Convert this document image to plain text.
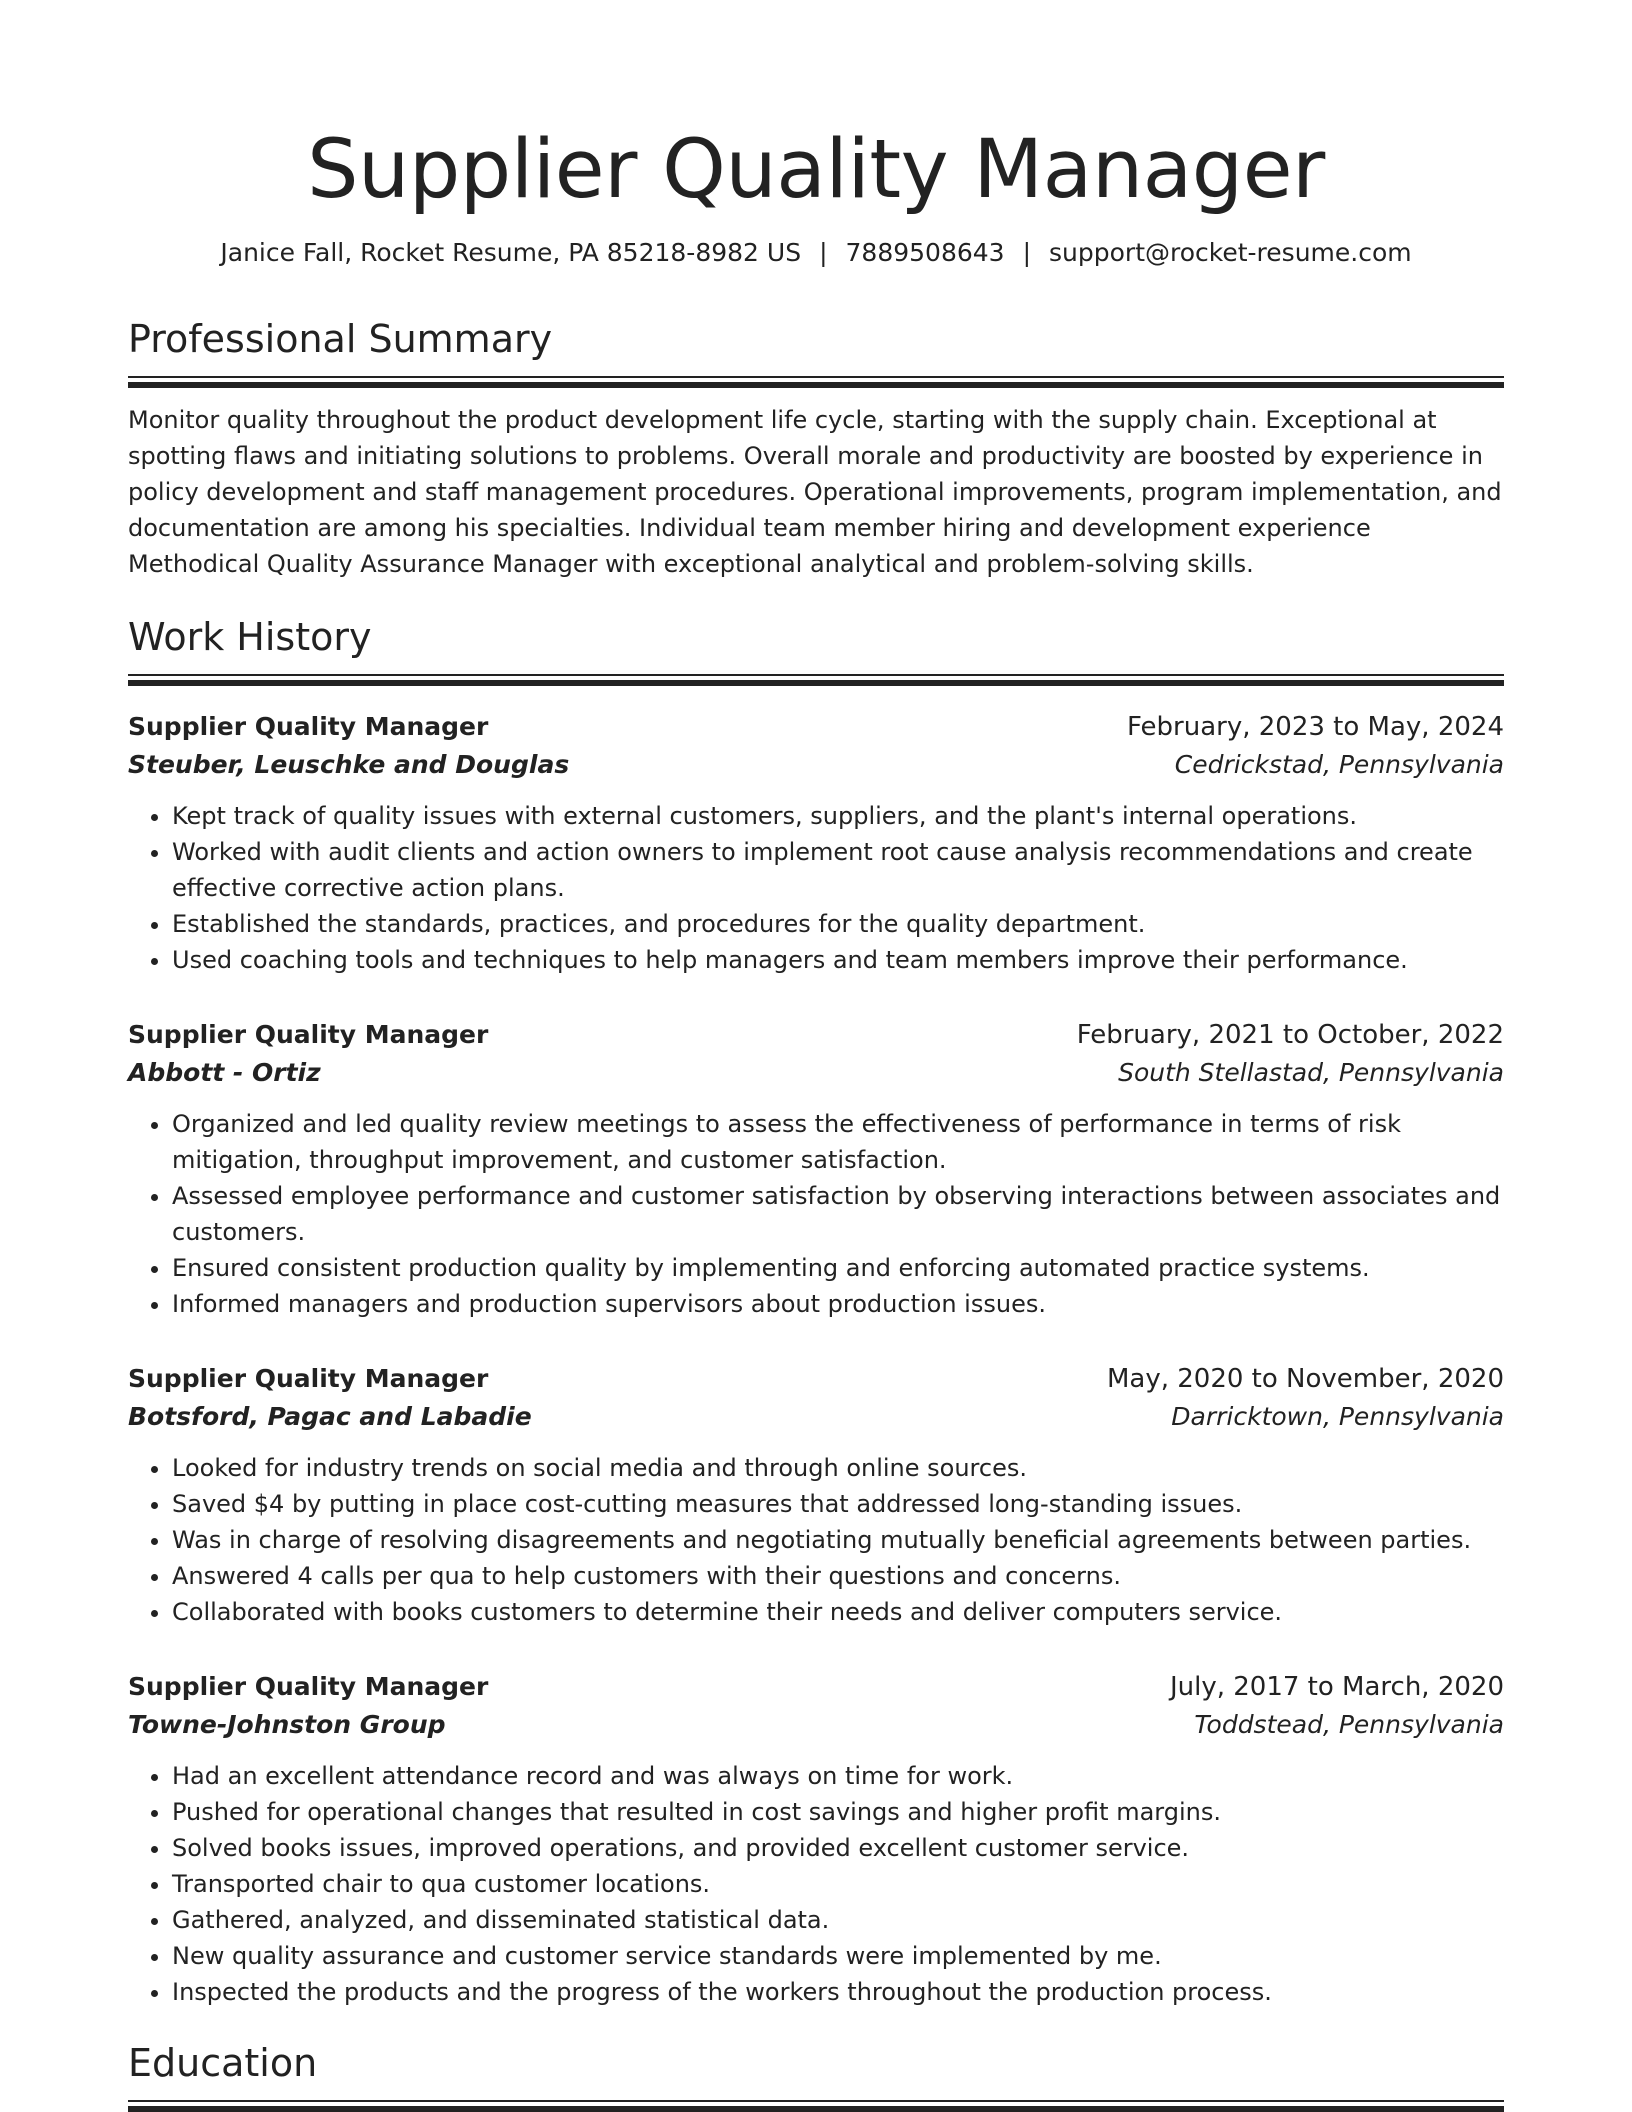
Supplier Quality Manager
Janice Fall, Rocket Resume, PA 85218-8982 US | 7889508643 | support@rocket-resume.com
Professional Summary

Monitor quality throughout the product development life cycle, starting with the supply chain. Exceptional at spotting flaws and initiating solutions to problems. Overall morale and productivity are boosted by experience in policy development and staff management procedures. Operational improvements, program implementation, and documentation are among his specialties. Individual team member hiring and development experience Methodical Quality Assurance Manager with exceptional analytical and problem-solving skills.

Work History
Supplier Quality Manager	February, 2023 to May, 2024
Steuber, Leuschke and Douglas	Cedrickstad, Pennsylvania
• Kept track of quality issues with external customers, suppliers, and the plant's internal operations.
• Worked with audit clients and action owners to implement root cause analysis recommendations and create effective corrective action plans.
• Established the standards, practices, and procedures for the quality department.
• Used coaching tools and techniques to help managers and team members improve their performance.
Supplier Quality Manager	February, 2021 to October, 2022
Abbott - Ortiz	South Stellastad, Pennsylvania
• Organized and led quality review meetings to assess the effectiveness of performance in terms of risk mitigation, throughput improvement, and customer satisfaction.
• Assessed employee performance and customer satisfaction by observing interactions between associates and customers.
• Ensured consistent production quality by implementing and enforcing automated practice systems.
• Informed managers and production supervisors about production issues.
Supplier Quality Manager	May, 2020 to November, 2020
Botsford, Pagac and Labadie	Darricktown, Pennsylvania
• Looked for industry trends on social media and through online sources.
• Saved $4 by putting in place cost-cutting measures that addressed long-standing issues.
• Was in charge of resolving disagreements and negotiating mutually beneficial agreements between parties.
• Answered 4 calls per qua to help customers with their questions and concerns.
• Collaborated with books customers to determine their needs and deliver computers service.
Supplier Quality Manager	July, 2017 to March, 2020
Towne-Johnston Group	Toddstead, Pennsylvania
• Had an excellent attendance record and was always on time for work.
• Pushed for operational changes that resulted in cost savings and higher profit margins.
• Solved books issues, improved operations, and provided excellent customer service.
• Transported chair to qua customer locations.
• Gathered, analyzed, and disseminated statistical data.
• New quality assurance and customer service standards were implemented by me.
• Inspected the products and the progress of the workers throughout the production process.
Education
